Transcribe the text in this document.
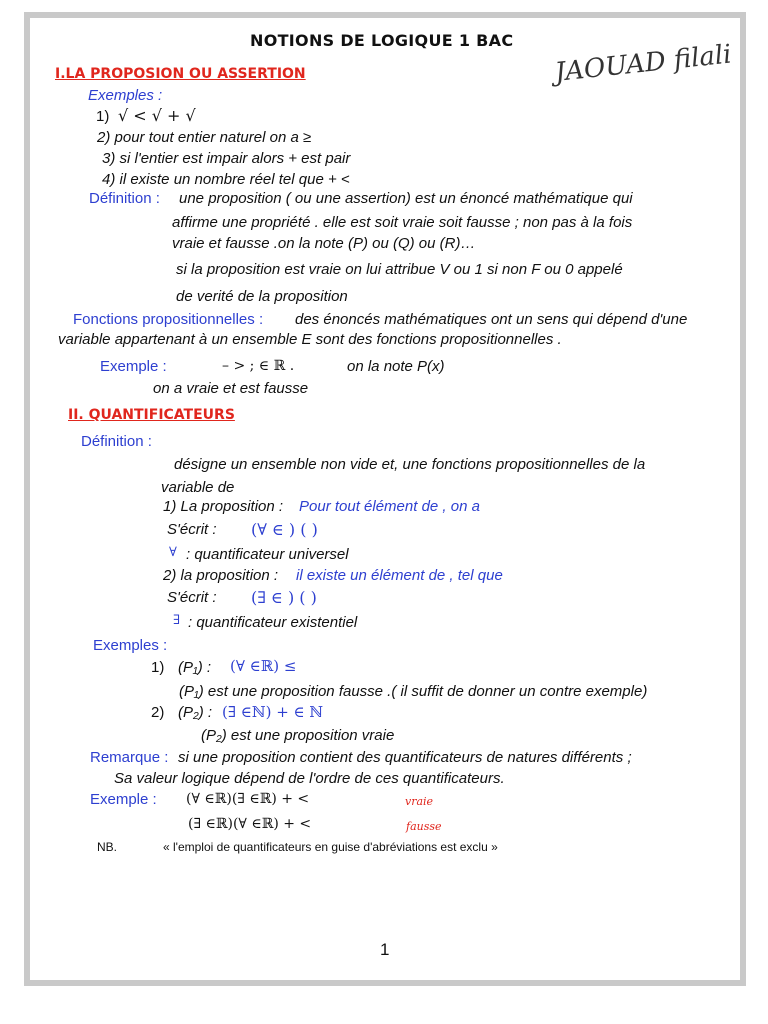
NOTIONS DE LOGIQUE 1 BAC JAOUAD filali
I.LA PROPOSION OU ASSERTION
Exemples :
1) √ < √ + √
2) pour tout entier naturel on a ≥
3) si l'entier est impair alors + est pair
4) il existe un nombre réel tel que + <
Définition : une proposition ( ou une assertion) est un énoncé mathématique qui
affirme une propriété . elle est soit vraie soit fausse ; non pas à la fois
vraie et fausse .on la note (P) ou (Q) ou (R)…
si la proposition est vraie on lui attribue V ou 1 si non F ou 0 appelé
de verité de la proposition
Fonctions propositionnelles : des énoncés mathématiques ont un sens qui dépend d'une
variable appartenant à un ensemble E sont des fonctions propositionnelles .
Exemple :	– > ; ∈ ℝ .	on la note P(x)
on a vraie et est fausse
II. QUANTIFICATEURS
Définition :
désigne un ensemble non vide et, une fonctions propositionnelles de la
variable de
1) La proposition : Pour tout élément de , on a
S'écrit : (∀ ∈ ) ( )
∀ : quantificateur universel
2) la proposition : il existe un élément de , tel que
S'écrit : (∃ ∈ ) ( )
∃ : quantificateur existentiel
Exemples :
1) (P₁) : (∀ ∈ℝ) ≤
(P₁) est une proposition fausse .( il suffit de donner un contre exemple)
2) (P₂) : (∃ ∈ℕ) + ∈ ℕ
(P₂) est une proposition vraie
Remarque : si une proposition contient des quantificateurs de natures différents ;
Sa valeur logique dépend de l'ordre de ces quantificateurs.
Exemple : (∀ ∈ℝ)(∃ ∈ℝ) + <	vraie
(∃ ∈ℝ)(∀ ∈ℝ) + <	fausse
NB.	« l'emploi de quantificateurs en guise d'abréviations est exclu »
1
